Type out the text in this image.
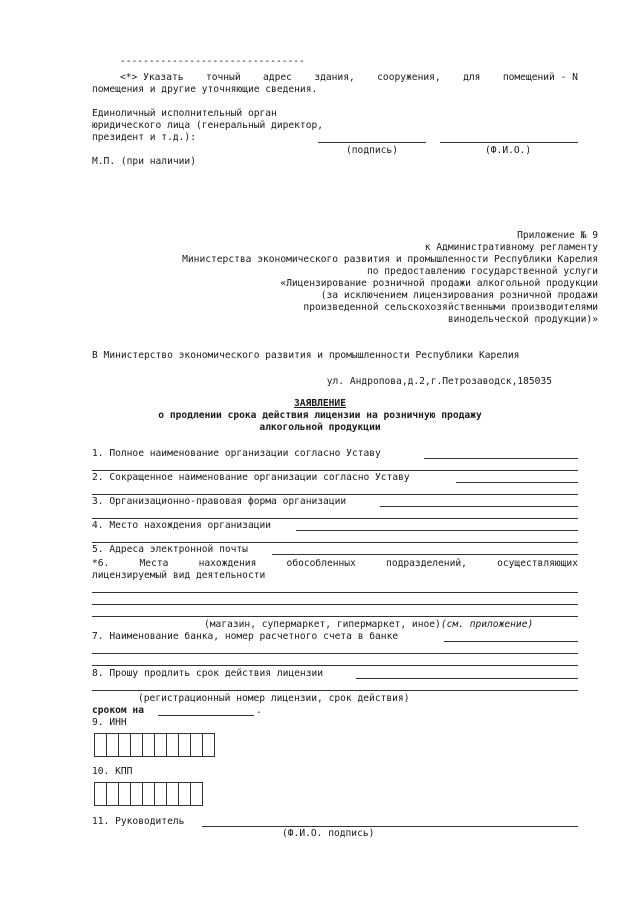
--------------------------------
<*> Указать точный адрес здания, сооружения, для помещений - N
помещения и другие уточняющие сведения.
Единоличный исполнительный орган
юридического лица (генеральный директор,
президент и т.д.):
(подпись)	(Ф.И.О.)
М.П. (при наличии)
Приложение № 9
к Административному регламенту
Министерства экономического развития и промышленности Республики Карелия
по предоставлению государственной услуги
«Лицензирование розничной продажи алкогольной продукции
(за исключением лицензирования розничной продажи
произведенной сельскохозяйственными производителями
винодельческой продукции)»
В Министерство экономического развития и промышленности Республики Карелия
ул. Андропова,д.2,г.Петрозаводск,185035
ЗАЯВЛЕНИЕ
о продлении срока действия лицензии на розничную продажу
алкогольной продукции
1. Полное наименование организации согласно Уставу
2. Сокращенное наименование организации согласно Уставу
3. Организационно-правовая форма организации
4. Место нахождения организации
5. Адреса электронной почты
*6.	Места	нахождения	обособленных	подразделений,	осуществляющих
лицензируемый вид деятельности
(магазин, супермаркет, гипермаркет, иное)(см. приложение)
7. Наименование банка, номер расчетного счета в банке
8. Прошу продлить срок действия лицензии
(регистрационный номер лицензии, срок действия)
сроком на	.
9. ИНН
10. КПП
11. Руководитель
(Ф.И.О. подпись)
